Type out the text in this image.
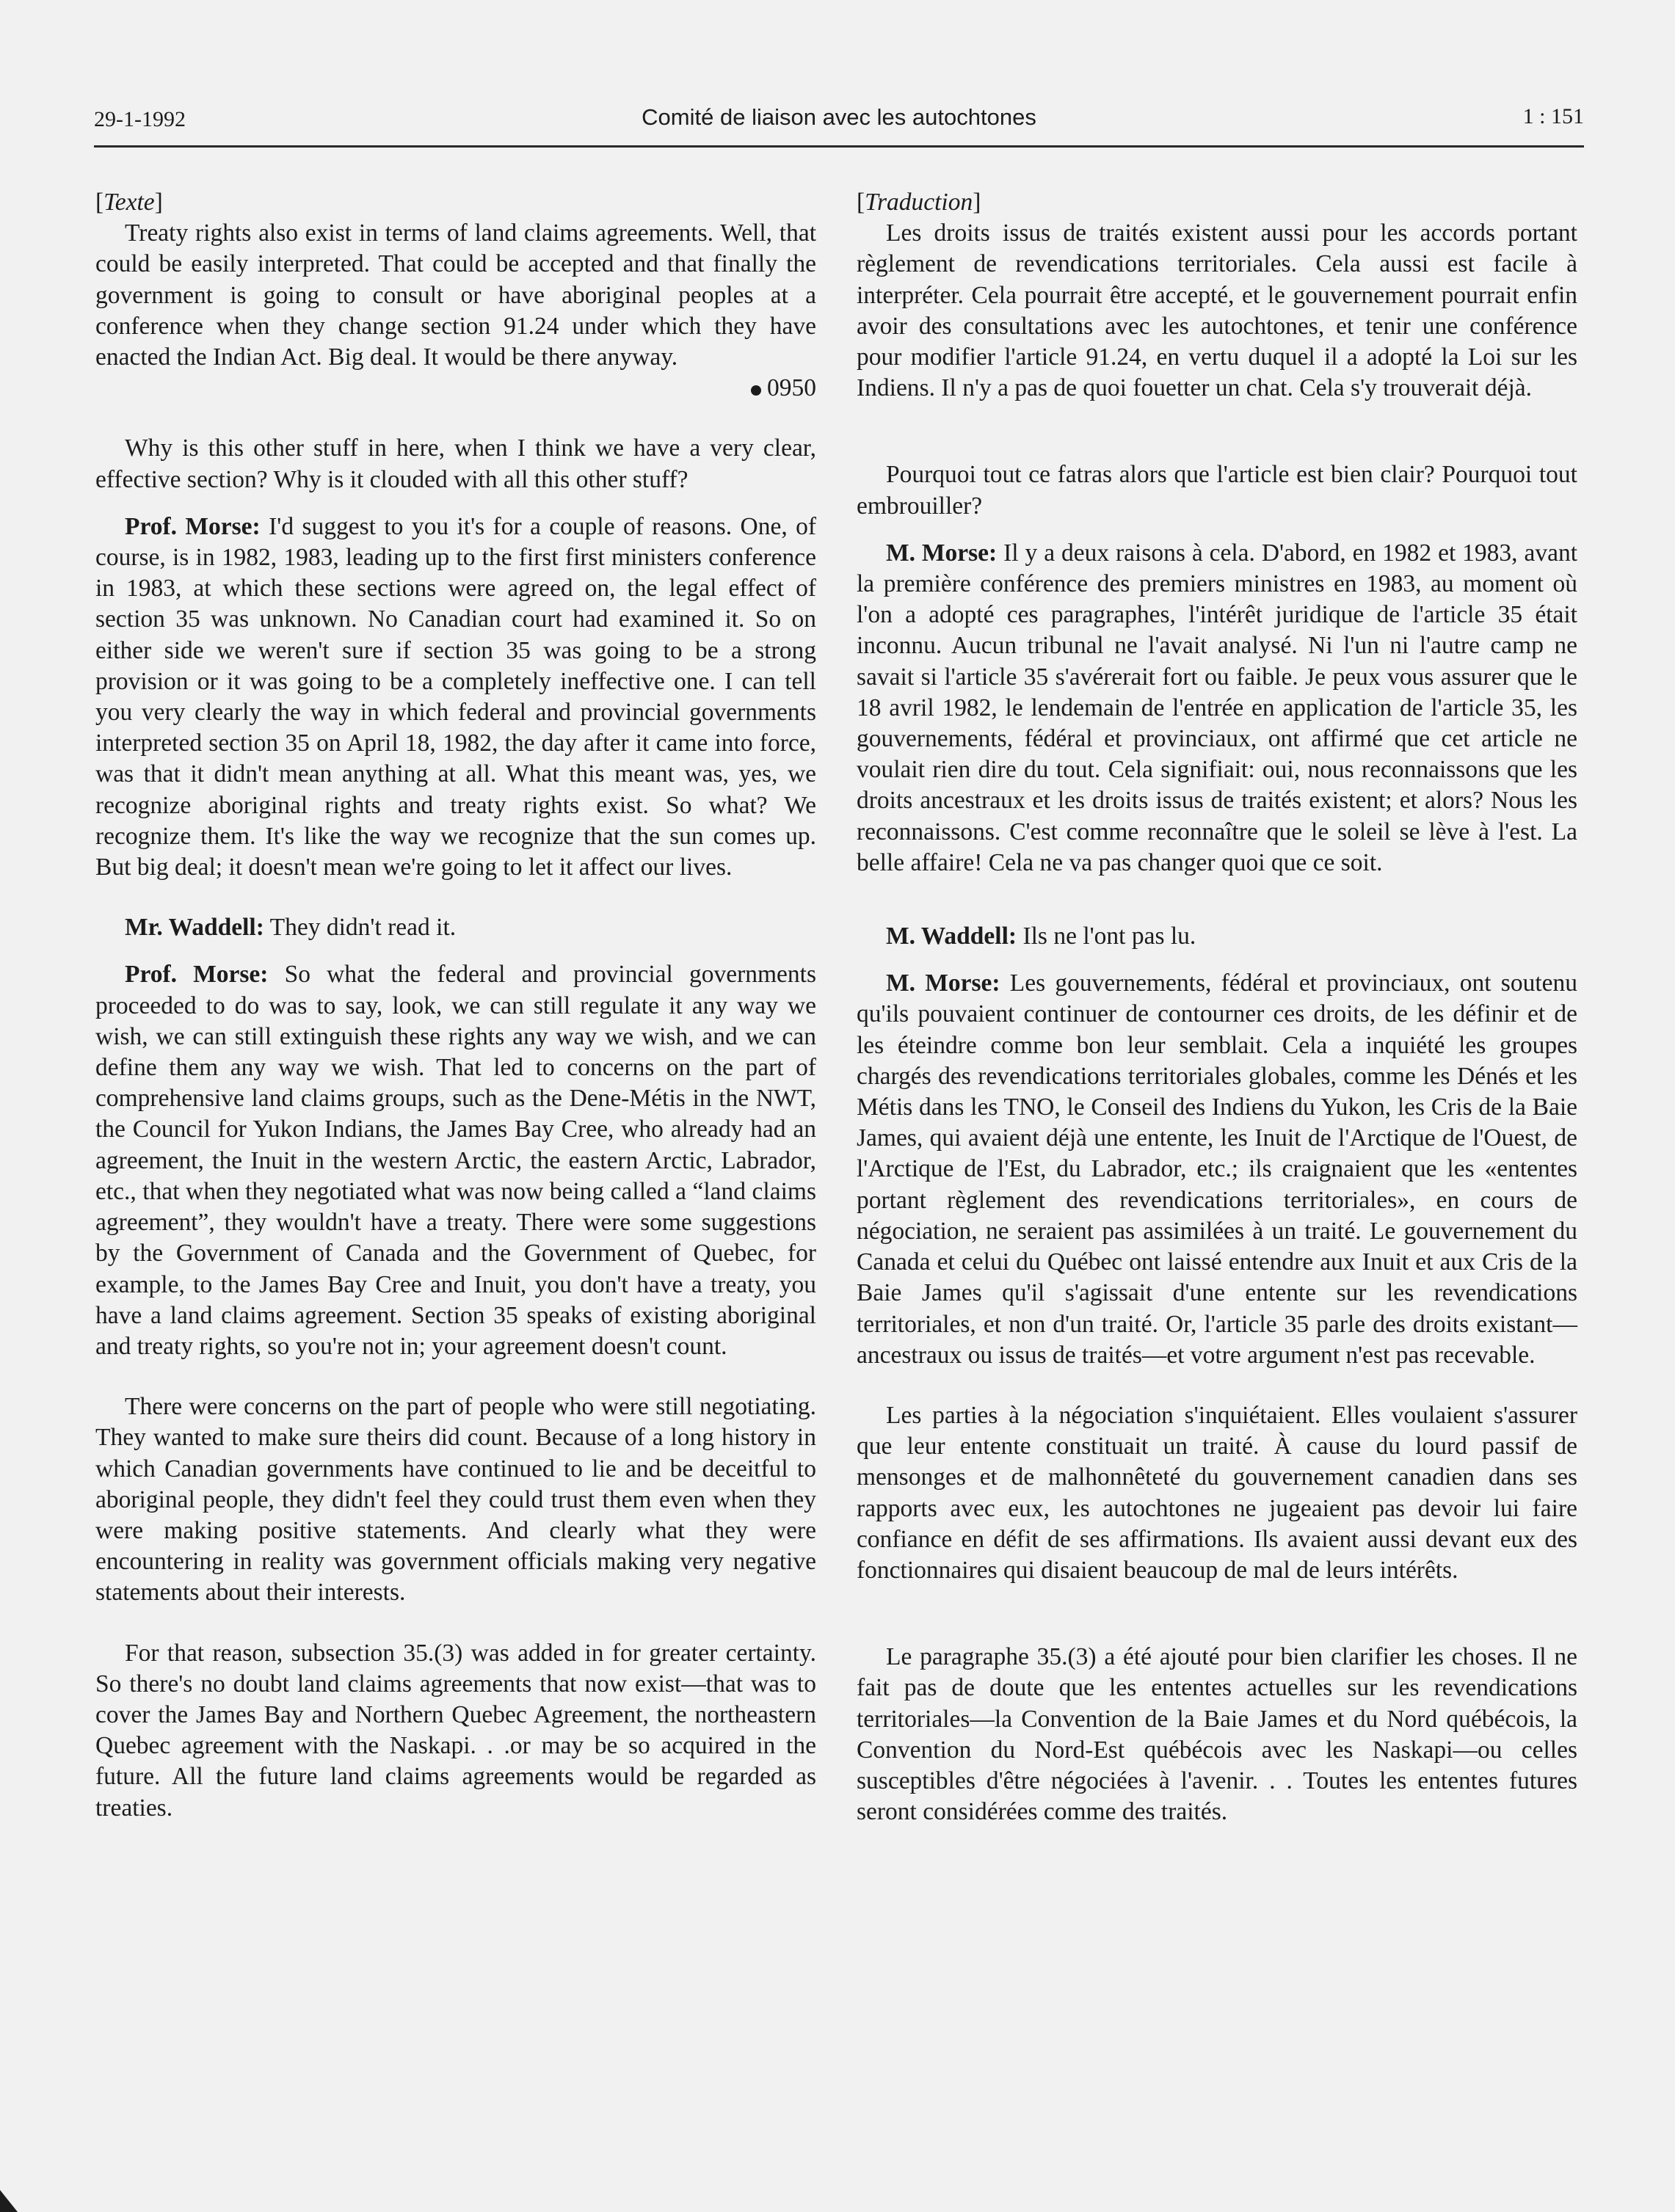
29-1-1992	Comité de liaison avec les autochtones	1 : 151

[Texte]

Treaty rights also exist in terms of land claims agreements. Well, that could be easily interpreted. That could be accepted and that finally the government is going to consult or have aboriginal peoples at a conference when they change section 91.24 under which they have enacted the Indian Act. Big deal. It would be there anyway.

0950

Why is this other stuff in here, when I think we have a very clear, effective section? Why is it clouded with all this other stuff?

Prof. Morse: I'd suggest to you it's for a couple of reasons. One, of course, is in 1982, 1983, leading up to the first first ministers conference in 1983, at which these sections were agreed on, the legal effect of section 35 was unknown. No Canadian court had examined it. So on either side we weren't sure if section 35 was going to be a strong provision or it was going to be a completely ineffective one. I can tell you very clearly the way in which federal and provincial governments interpreted section 35 on April 18, 1982, the day after it came into force, was that it didn't mean anything at all. What this meant was, yes, we recognize aboriginal rights and treaty rights exist. So what? We recognize them. It's like the way we recognize that the sun comes up. But big deal; it doesn't mean we're going to let it affect our lives.

Mr. Waddell: They didn't read it.

Prof. Morse: So what the federal and provincial governments proceeded to do was to say, look, we can still regulate it any way we wish, we can still extinguish these rights any way we wish, and we can define them any way we wish. That led to concerns on the part of comprehensive land claims groups, such as the Dene-Métis in the NWT, the Council for Yukon Indians, the James Bay Cree, who already had an agreement, the Inuit in the western Arctic, the eastern Arctic, Labrador, etc., that when they negotiated what was now being called a “land claims agreement”, they wouldn't have a treaty. There were some suggestions by the Government of Canada and the Government of Quebec, for example, to the James Bay Cree and Inuit, you don't have a treaty, you have a land claims agreement. Section 35 speaks of existing aboriginal and treaty rights, so you're not in; your agreement doesn't count.

There were concerns on the part of people who were still negotiating. They wanted to make sure theirs did count. Because of a long history in which Canadian governments have continued to lie and be deceitful to aboriginal people, they didn't feel they could trust them even when they were making positive statements. And clearly what they were encountering in reality was government officials making very negative statements about their interests.

For that reason, subsection 35.(3) was added in for greater certainty. So there's no doubt land claims agreements that now exist—that was to cover the James Bay and Northern Quebec Agreement, the northeastern Quebec agreement with the Naskapi. . .or may be so acquired in the future. All the future land claims agreements would be regarded as treaties.

[Traduction]

Les droits issus de traités existent aussi pour les accords portant règlement de revendications territoriales. Cela aussi est facile à interpréter. Cela pourrait être accepté, et le gouvernement pourrait enfin avoir des consultations avec les autochtones, et tenir une conférence pour modifier l'article 91.24, en vertu duquel il a adopté la Loi sur les Indiens. Il n'y a pas de quoi fouetter un chat. Cela s'y trouverait déjà.

Pourquoi tout ce fatras alors que l'article est bien clair? Pourquoi tout embrouiller?

M. Morse: Il y a deux raisons à cela. D'abord, en 1982 et 1983, avant la première conférence des premiers ministres en 1983, au moment où l'on a adopté ces paragraphes, l'intérêt juridique de l'article 35 était inconnu. Aucun tribunal ne l'avait analysé. Ni l'un ni l'autre camp ne savait si l'article 35 s'avérerait fort ou faible. Je peux vous assurer que le 18 avril 1982, le lendemain de l'entrée en application de l'article 35, les gouvernements, fédéral et provinciaux, ont affirmé que cet article ne voulait rien dire du tout. Cela signifiait: oui, nous reconnaissons que les droits ancestraux et les droits issus de traités existent; et alors? Nous les reconnaissons. C'est comme reconnaître que le soleil se lève à l'est. La belle affaire! Cela ne va pas changer quoi que ce soit.

M. Waddell: Ils ne l'ont pas lu.

M. Morse: Les gouvernements, fédéral et provinciaux, ont soutenu qu'ils pouvaient continuer de contourner ces droits, de les définir et de les éteindre comme bon leur semblait. Cela a inquiété les groupes chargés des revendications territoriales globales, comme les Dénés et les Métis dans les TNO, le Conseil des Indiens du Yukon, les Cris de la Baie James, qui avaient déjà une entente, les Inuit de l'Arctique de l'Ouest, de l'Arctique de l'Est, du Labrador, etc.; ils craignaient que les «ententes portant règlement des revendications territoriales», en cours de négociation, ne seraient pas assimilées à un traité. Le gouvernement du Canada et celui du Québec ont laissé entendre aux Inuit et aux Cris de la Baie James qu'il s'agissait d'une entente sur les revendications territoriales, et non d'un traité. Or, l'article 35 parle des droits existant—ancestraux ou issus de traités—et votre argument n'est pas recevable.

Les parties à la négociation s'inquiétaient. Elles voulaient s'assurer que leur entente constituait un traité. À cause du lourd passif de mensonges et de malhonnêteté du gouvernement canadien dans ses rapports avec eux, les autochtones ne jugeaient pas devoir lui faire confiance en défit de ses affirmations. Ils avaient aussi devant eux des fonctionnaires qui disaient beaucoup de mal de leurs intérêts.

Le paragraphe 35.(3) a été ajouté pour bien clarifier les choses. Il ne fait pas de doute que les ententes actuelles sur les revendications territoriales—la Convention de la Baie James et du Nord québécois, la Convention du Nord-Est québécois avec les Naskapi—ou celles susceptibles d'être négociées à l'avenir. . . Toutes les ententes futures seront considérées comme des traités.
